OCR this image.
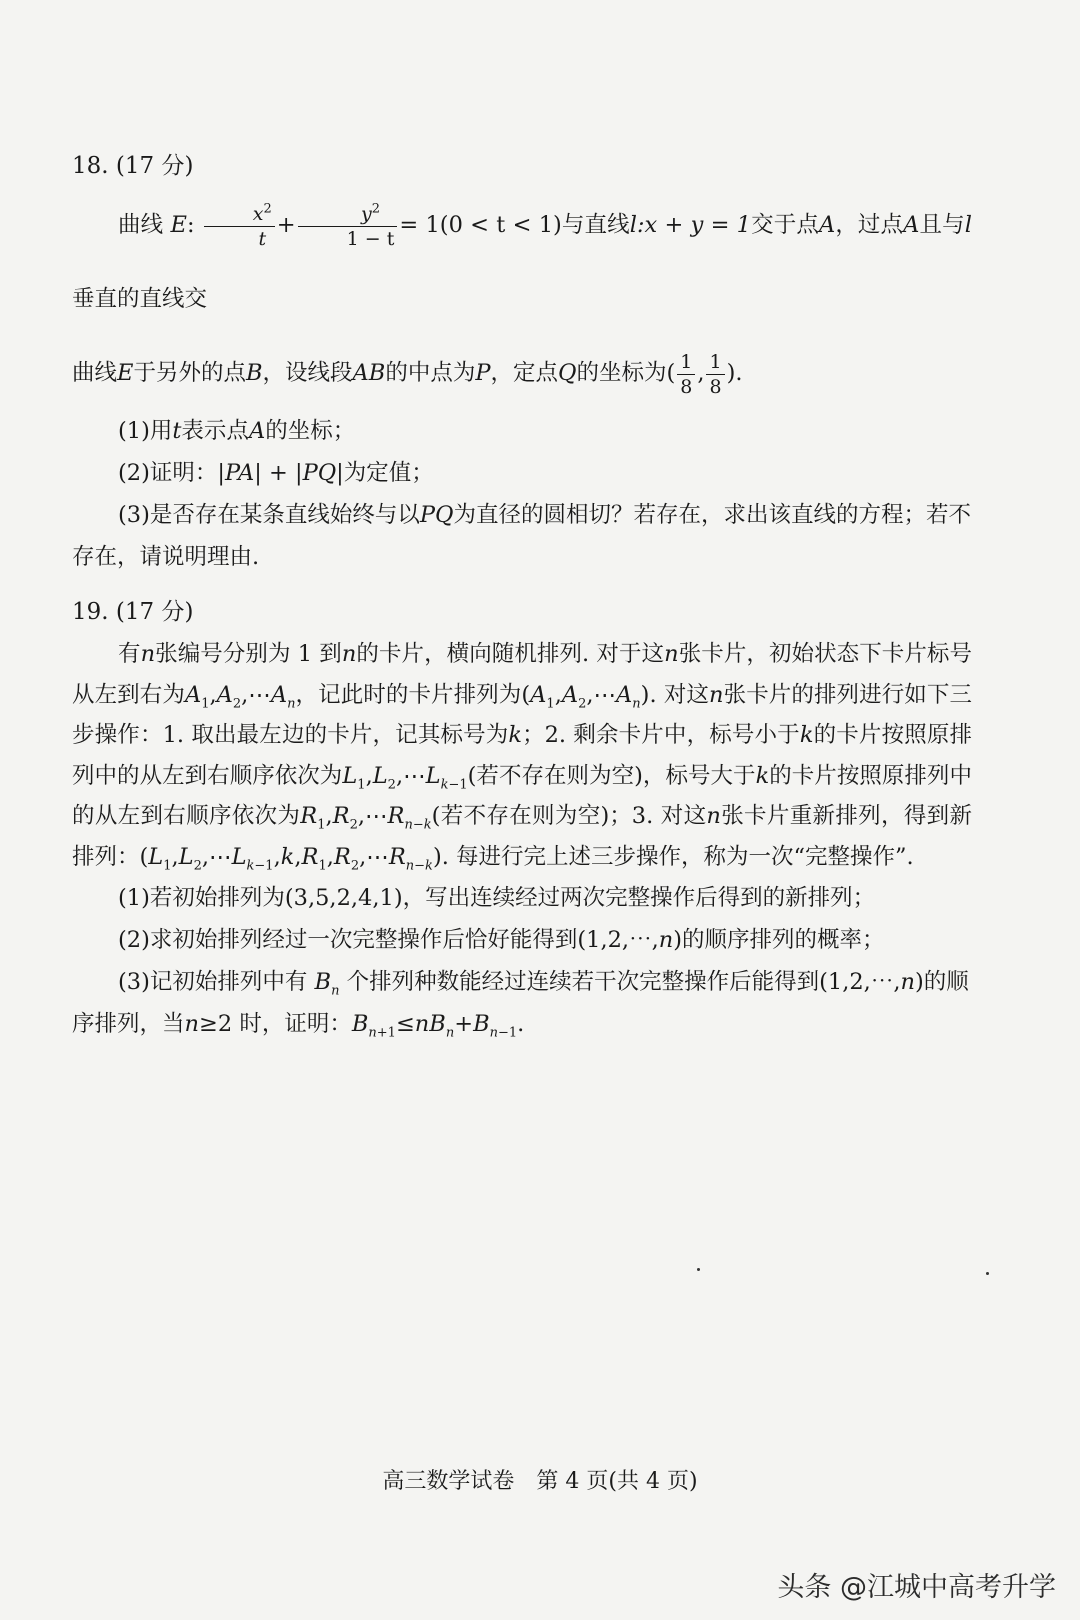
18. (17 分)

曲线 E: $\frac{x^2}{t} + \frac{y^2}{1 - t} = 1(0 < t < 1)$与直线l:x + y = 1交于点A，过点A且与l垂直的直线交

曲线E于另外的点B，设线段AB的中点为P，定点Q的坐标为( $\frac{1}{8}$ , $\frac{1}{8}$ ).

(1)用t表示点A的坐标；

(2)证明：|PA| + |PQ|为定值；

(3)是否存在某条直线始终与以PQ为直径的圆相切？若存在，求出该直线的方程；若不存在，请说明理由.

19. (17 分)

有n张编号分别为 1 到n的卡片，横向随机排列. 对于这n张卡片，初始状态下卡片标号从左到右为$A_1,A_2,\cdots A_n$，记此时的卡片排列为$(A_1,A_2,\cdots A_n)$. 对这n张卡片的排列进行如下三步操作：1. 取出最左边的卡片，记其标号为k；2. 剩余卡片中，标号小于k的卡片按照原排列中的从左到右顺序依次为$L_1,L_2,\cdots L_{k-1}$(若不存在则为空)，标号大于k的卡片按照原排列中的从左到右顺序依次为$R_1,R_2,\cdots R_{n-k}$(若不存在则为空)；3. 对这n张卡片重新排列，得到新排列：$(L_1,L_2,\cdots L_{k-1},k,R_1,R_2,\cdots R_{n-k})$. 每进行完上述三步操作，称为一次“完整操作”.

(1)若初始排列为(3,5,2,4,1)，写出连续经过两次完整操作后得到的新排列；

(2)求初始排列经过一次完整操作后恰好能得到(1,2,⋯,n)的顺序排列的概率；

(3)记初始排列中有 $B_n$ 个排列种数能经过连续若干次完整操作后能得到(1,2,⋯,n)的顺序排列，当n≥2 时，证明：$B_{n+1}\le nB_n+B_{n-1}$.

高三数学试卷　第 4 页(共 4 页)
头条 @江城中高考升学
